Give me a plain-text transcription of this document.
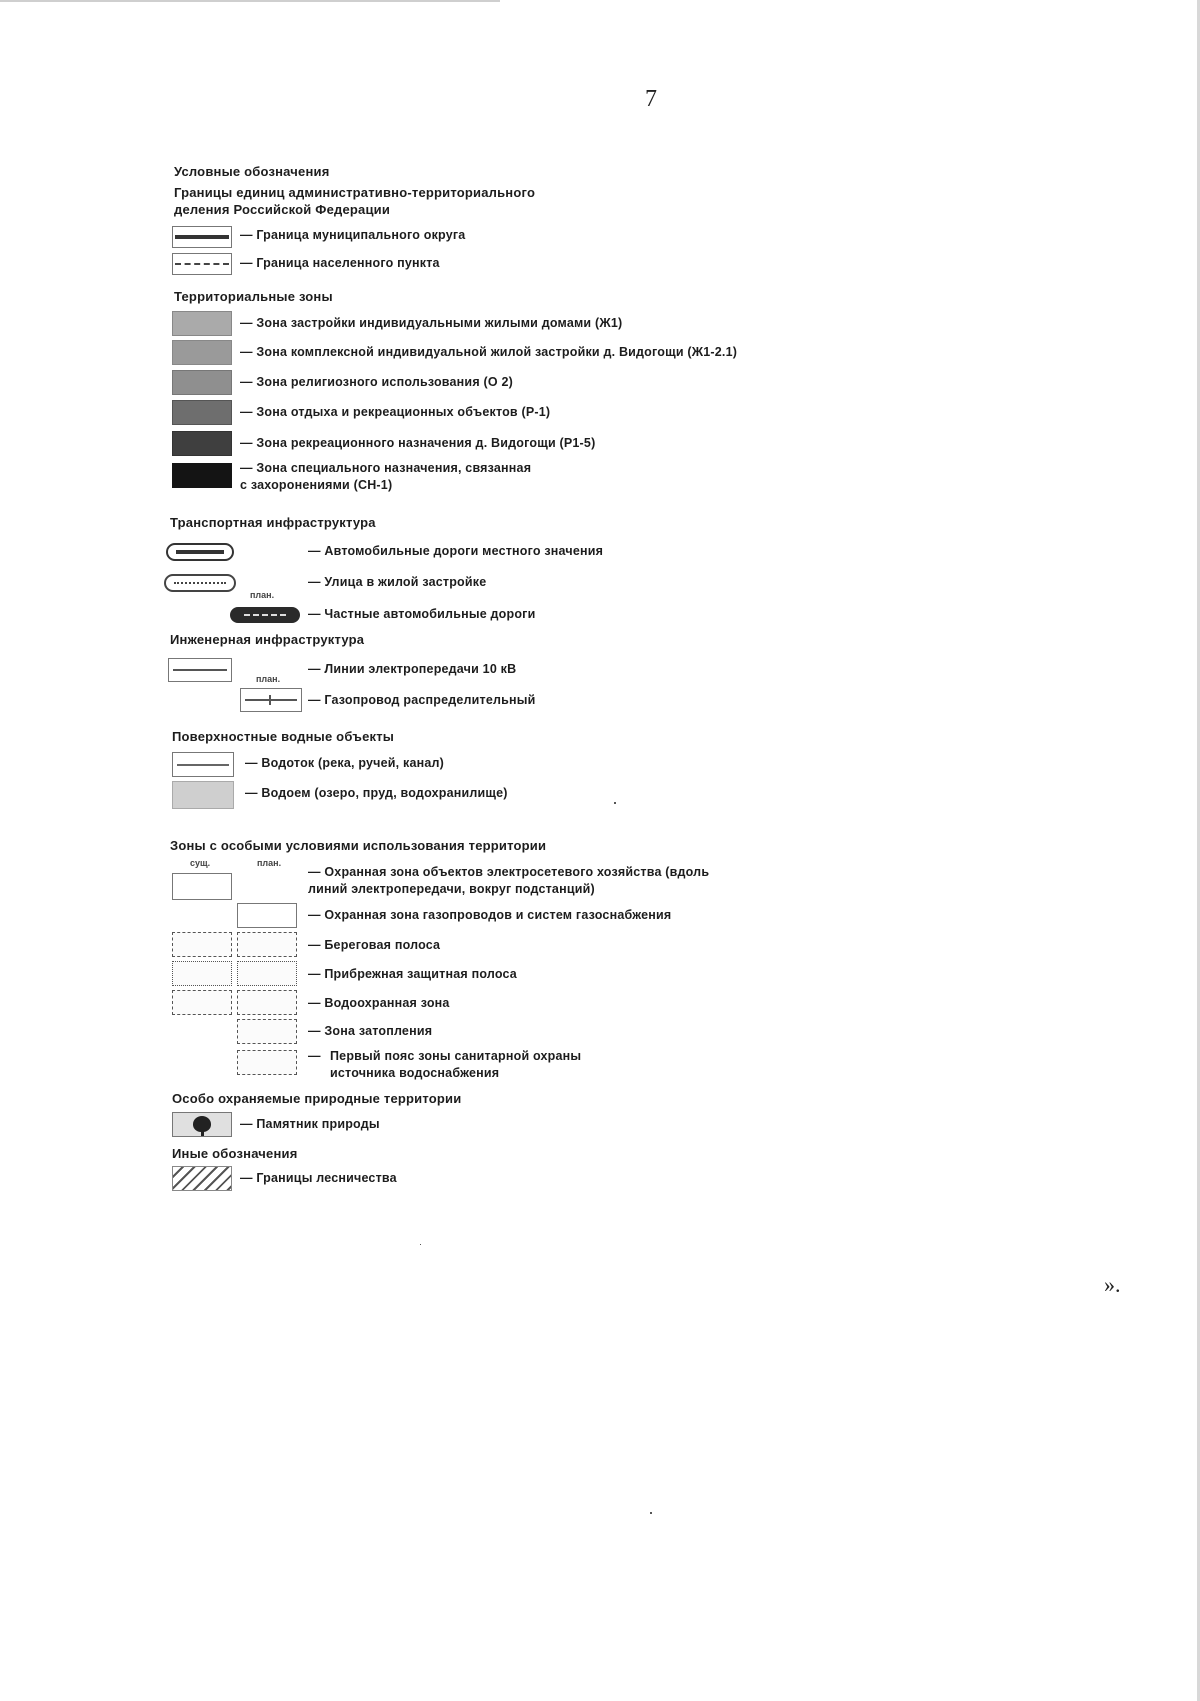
7
Условные обозначения
Границы единиц административно-территориального деления Российской Федерации
— Граница муниципального округа
— Граница населенного пункта
Территориальные зоны
— Зона застройки индивидуальными жилыми домами (Ж1)
— Зона комплексной индивидуальной жилой застройки д. Видогощи (Ж1-2.1)
— Зона религиозного использования (О 2)
— Зона отдыха и рекреационных объектов (Р-1)
— Зона рекреационного назначения д. Видогощи (Р1-5)
— Зона специального назначения, связанная с захоронениями (СН-1)
Транспортная инфраструктура
— Автомобильные дороги местного значения
— Улица в жилой застройке
план.
— Частные автомобильные дороги
Инженерная инфраструктура
— Линии электропередачи 10 кВ
план.
— Газопровод распределительный
Поверхностные водные объекты
— Водоток (река, ручей, канал)
— Водоем (озеро, пруд, водохранилище)
Зоны с особыми условиями использования территории
сущ.	план.
— Охранная зона объектов электросетевого хозяйства (вдоль линий электропередачи, вокруг подстанций)
— Охранная зона газопроводов и систем газоснабжения
— Береговая полоса
— Прибрежная защитная полоса
— Водоохранная зона
— Зона затопления
— Первый пояс зоны санитарной охраны источника водоснабжения
Особо охраняемые природные территории
— Памятник природы
Иные обозначения
— Границы лесничества
».
